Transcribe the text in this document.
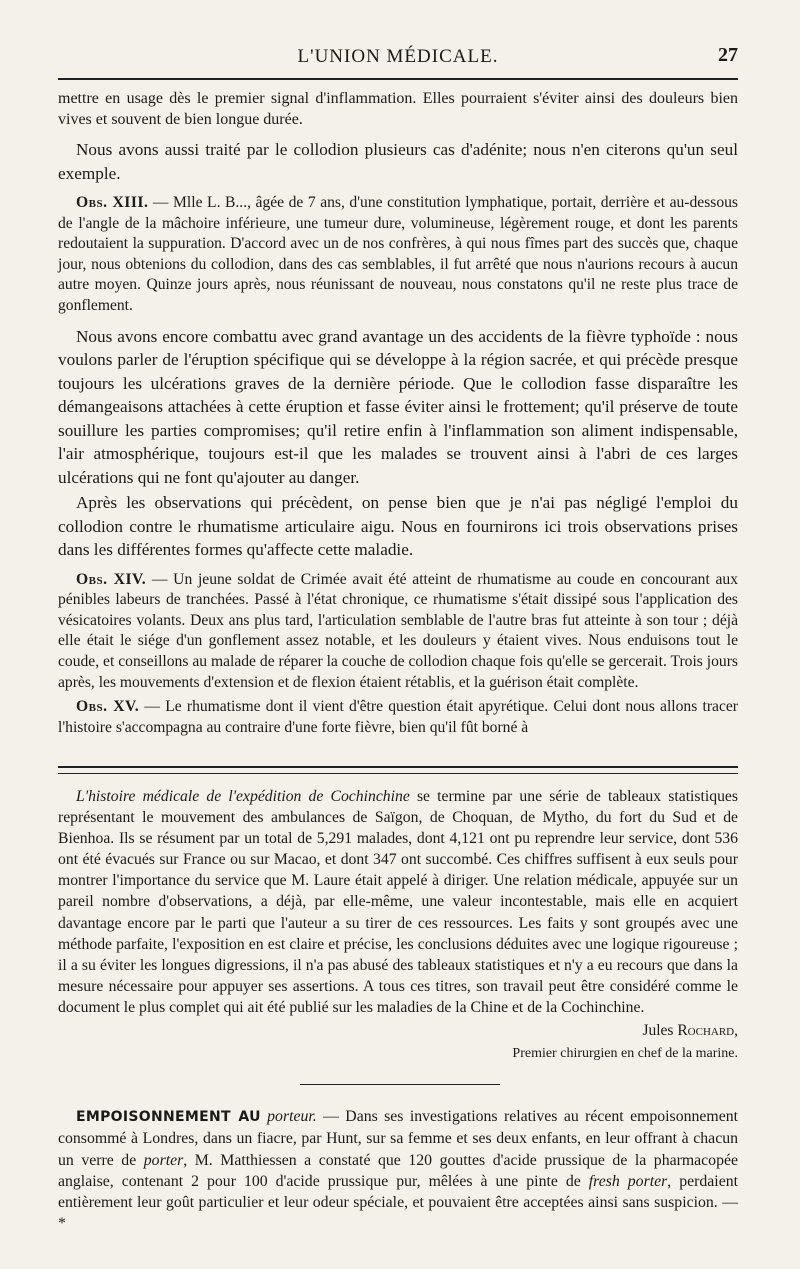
L'UNION MÉDICALE.	27

mettre en usage dès le premier signal d'inflammation. Elles pourraient s'éviter ainsi des douleurs bien vives et souvent de bien longue durée.

Nous avons aussi traité par le collodion plusieurs cas d'adénite; nous n'en citerons qu'un seul exemple.

Obs. XIII. — Mlle L. B..., âgée de 7 ans, d'une constitution lymphatique, portait, derrière et au-dessous de l'angle de la mâchoire inférieure, une tumeur dure, volumineuse, légèrement rouge, et dont les parents redoutaient la suppuration. D'accord avec un de nos confrères, à qui nous fîmes part des succès que, chaque jour, nous obtenions du collodion, dans des cas semblables, il fut arrêté que nous n'aurions recours à aucun autre moyen. Quinze jours après, nous réunissant de nouveau, nous constatons qu'il ne reste plus trace de gonflement.

Nous avons encore combattu avec grand avantage un des accidents de la fièvre typhoïde : nous voulons parler de l'éruption spécifique qui se développe à la région sacrée, et qui précède presque toujours les ulcérations graves de la dernière période. Que le collodion fasse disparaître les démangeaisons attachées à cette éruption et fasse éviter ainsi le frottement; qu'il préserve de toute souillure les parties compromises; qu'il retire enfin à l'inflammation son aliment indispensable, l'air atmosphérique, toujours est-il que les malades se trouvent ainsi à l'abri de ces larges ulcérations qui ne font qu'ajouter au danger.

Après les observations qui précèdent, on pense bien que je n'ai pas négligé l'emploi du collodion contre le rhumatisme articulaire aigu. Nous en fournirons ici trois observations prises dans les différentes formes qu'affecte cette maladie.

Obs. XIV. — Un jeune soldat de Crimée avait été atteint de rhumatisme au coude en concourant aux pénibles labeurs de tranchées. Passé à l'état chronique, ce rhumatisme s'était dissipé sous l'application des vésicatoires volants. Deux ans plus tard, l'articulation semblable de l'autre bras fut atteinte à son tour ; déjà elle était le siége d'un gonflement assez notable, et les douleurs y étaient vives. Nous enduisons tout le coude, et conseillons au malade de réparer la couche de collodion chaque fois qu'elle se gercerait. Trois jours après, les mouvements d'extension et de flexion étaient rétablis, et la guérison était complète.

Obs. XV. — Le rhumatisme dont il vient d'être question était apyrétique. Celui dont nous allons tracer l'histoire s'accompagna au contraire d'une forte fièvre, bien qu'il fût borné à

L'histoire médicale de l'expédition de Cochinchine se termine par une série de tableaux statistiques représentant le mouvement des ambulances de Saïgon, de Choquan, de Mytho, du fort du Sud et de Bienhoa. Ils se résument par un total de 5,291 malades, dont 4,121 ont pu reprendre leur service, dont 536 ont été évacués sur France ou sur Macao, et dont 347 ont succombé. Ces chiffres suffisent à eux seuls pour montrer l'importance du service que M. Laure était appelé à diriger. Une relation médicale, appuyée sur un pareil nombre d'observations, a déjà, par elle-même, une valeur incontestable, mais elle en acquiert davantage encore par le parti que l'auteur a su tirer de ces ressources. Les faits y sont groupés avec une méthode parfaite, l'exposition en est claire et précise, les conclusions déduites avec une logique rigoureuse ; il a su éviter les longues digressions, il n'a pas abusé des tableaux statistiques et n'y a eu recours que dans la mesure nécessaire pour appuyer ses assertions. A tous ces titres, son travail peut être considéré comme le document le plus complet qui ait été publié sur les maladies de la Chine et de la Cochinchine.

Jules Rochard,
Premier chirurgien en chef de la marine.

EMPOISONNEMENT AU porteur. — Dans ses investigations relatives au récent empoisonnement consommé à Londres, dans un fiacre, par Hunt, sur sa femme et ses deux enfants, en leur offrant à chacun un verre de porter, M. Matthiessen a constaté que 120 gouttes d'acide prussique de la pharmacopée anglaise, contenant 2 pour 100 d'acide prussique pur, mêlées à une pinte de fresh porter, perdaient entièrement leur goût particulier et leur odeur spéciale, et pouvaient être acceptées ainsi sans suspicion. — *
